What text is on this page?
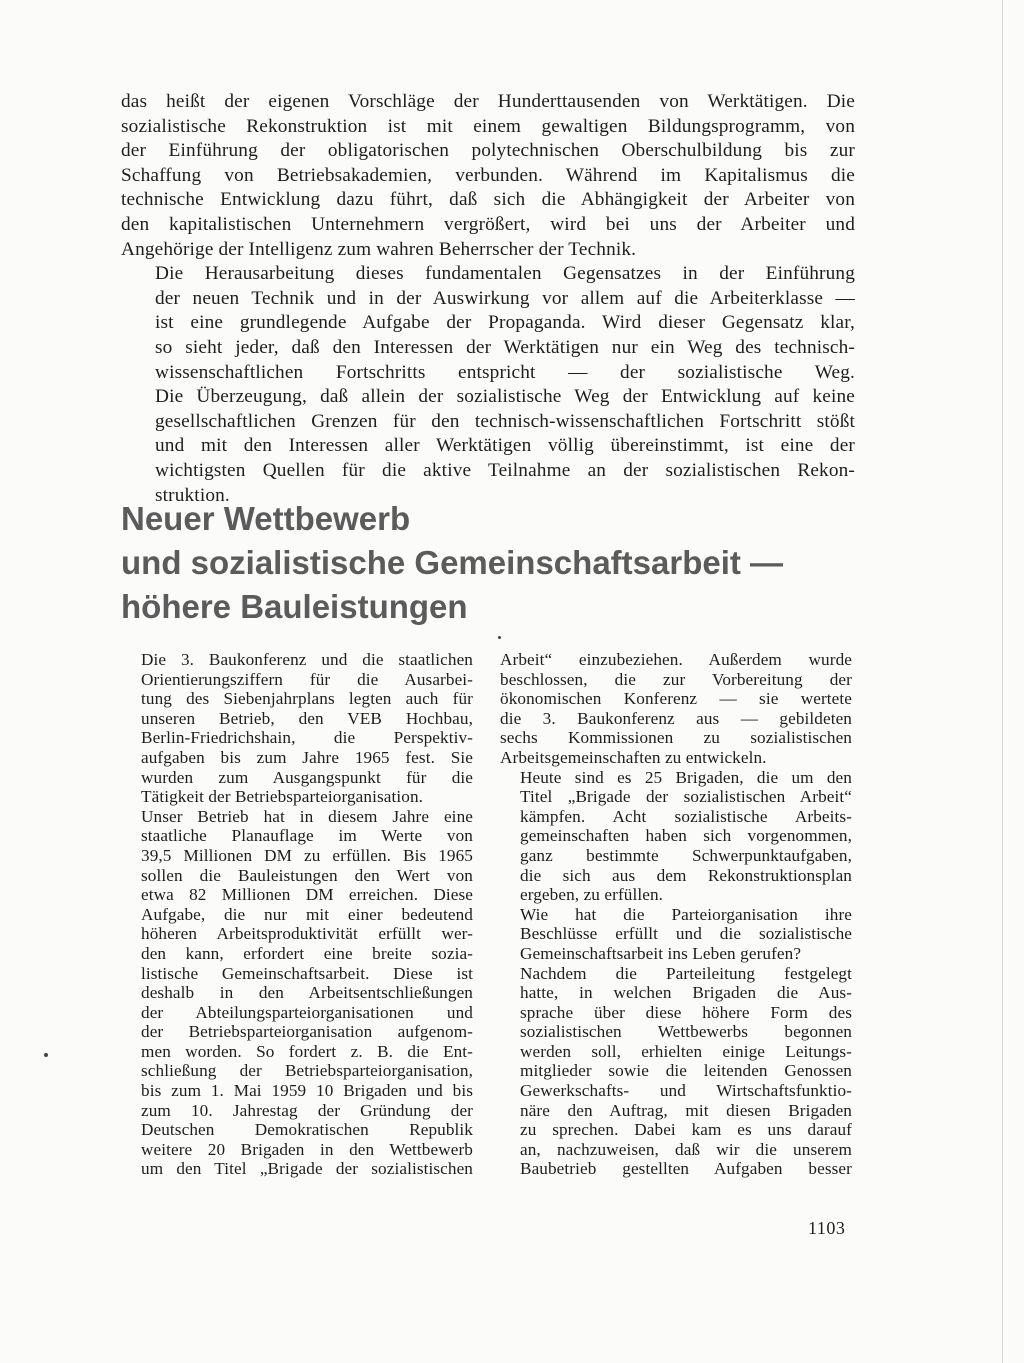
das heißt der eigenen Vorschläge der Hunderttausenden von Werktätigen. Die
sozialistische Rekonstruktion ist mit einem gewaltigen Bildungsprogramm, von
der Einführung der obligatorischen polytechnischen Oberschulbildung bis zur
Schaffung von Betriebsakademien, verbunden. Während im Kapitalismus die
technische Entwicklung dazu führt, daß sich die Abhängigkeit der Arbeiter von
den kapitalistischen Unternehmern vergrößert, wird bei uns der Arbeiter und
Angehörige der Intelligenz zum wahren Beherrscher der Technik.

Die Herausarbeitung dieses fundamentalen Gegensatzes in der Einführung
der neuen Technik und in der Auswirkung vor allem auf die Arbeiterklasse —
ist eine grundlegende Aufgabe der Propaganda. Wird dieser Gegensatz klar,
so sieht jeder, daß den Interessen der Werktätigen nur ein Weg des technisch-
wissenschaftlichen Fortschritts entspricht — der sozialistische Weg.
Die Überzeugung, daß allein der sozialistische Weg der Entwicklung auf keine
gesellschaftlichen Grenzen für den technisch-wissenschaftlichen Fortschritt stößt
und mit den Interessen aller Werktätigen völlig übereinstimmt, ist eine der
wichtigsten Quellen für die aktive Teilnahme an der sozialistischen Rekon-
struktion.

Neuer Wettbewerb
und sozialistische Gemeinschaftsarbeit —
höhere Bauleistungen

Die 3. Baukonferenz und die staatlichen
Orientierungsziffern für die Ausarbei-
tung des Siebenjahrplans legten auch für
unseren Betrieb, den VEB Hochbau,
Berlin-Friedrichshain, die Perspektiv-
aufgaben bis zum Jahre 1965 fest. Sie
wurden zum Ausgangspunkt für die
Tätigkeit der Betriebsparteiorganisation.

Unser Betrieb hat in diesem Jahre eine
staatliche Planauflage im Werte von
39,5 Millionen DM zu erfüllen. Bis 1965
sollen die Bauleistungen den Wert von
etwa 82 Millionen DM erreichen. Diese
Aufgabe, die nur mit einer bedeutend
höheren Arbeitsproduktivität erfüllt wer-
den kann, erfordert eine breite sozia-
listische Gemeinschaftsarbeit. Diese ist
deshalb in den Arbeitsentschließungen
der Abteilungsparteiorganisationen und
der Betriebsparteiorganisation aufgenom-
men worden. So fordert z. B. die Ent-
schließung der Betriebsparteiorganisation,
bis zum 1. Mai 1959 10 Brigaden und bis
zum 10. Jahrestag der Gründung der
Deutschen Demokratischen Republik
weitere 20 Brigaden in den Wettbewerb
um den Titel „Brigade der sozialistischen

Arbeit“ einzubeziehen. Außerdem wurde
beschlossen, die zur Vorbereitung der
ökonomischen Konferenz — sie wertete
die 3. Baukonferenz aus — gebildeten
sechs Kommissionen zu sozialistischen
Arbeitsgemeinschaften zu entwickeln.

Heute sind es 25 Brigaden, die um den
Titel „Brigade der sozialistischen Arbeit“
kämpfen. Acht sozialistische Arbeits-
gemeinschaften haben sich vorgenommen,
ganz bestimmte Schwerpunktaufgaben,
die sich aus dem Rekonstruktionsplan
ergeben, zu erfüllen.

Wie hat die Parteiorganisation ihre
Beschlüsse erfüllt und die sozialistische
Gemeinschaftsarbeit ins Leben gerufen?

Nachdem die Parteileitung festgelegt
hatte, in welchen Brigaden die Aus-
sprache über diese höhere Form des
sozialistischen Wettbewerbs begonnen
werden soll, erhielten einige Leitungs-
mitglieder sowie die leitenden Genossen
Gewerkschafts- und Wirtschaftsfunktio-
näre den Auftrag, mit diesen Brigaden
zu sprechen. Dabei kam es uns darauf
an, nachzuweisen, daß wir die unserem
Baubetrieb gestellten Aufgaben besser

1103
